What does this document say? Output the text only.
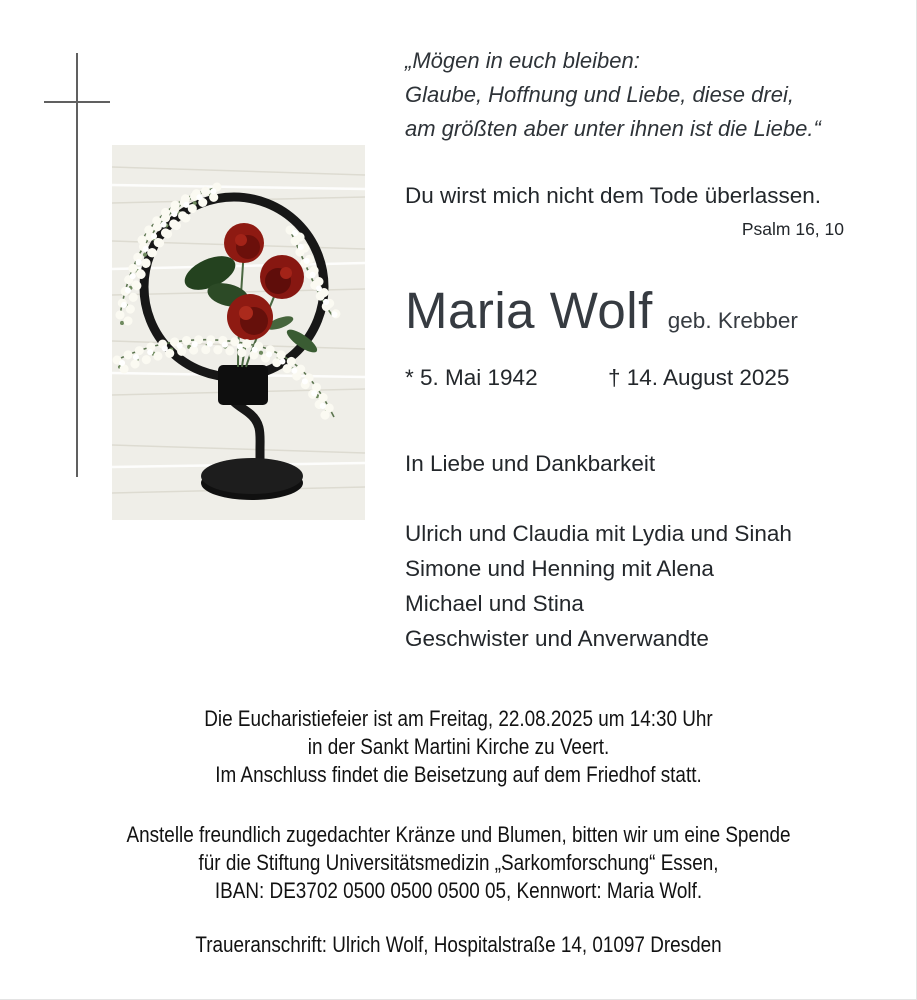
„Mögen in euch bleiben:
Glaube, Hoffnung und Liebe, diese drei,
am größten aber unter ihnen ist die Liebe.“
Du wirst mich nicht dem Tode überlassen.
Psalm 16, 10
Maria Wolf geb. Krebber
* 5. Mai 1942	† 14. August 2025
In Liebe und Dankbarkeit
Ulrich und Claudia mit Lydia und Sinah
Simone und Henning mit Alena
Michael und Stina
Geschwister und Anverwandte
Die Eucharistiefeier ist am Freitag, 22.08.2025 um 14:30 Uhr
in der Sankt Martini Kirche zu Veert.
Im Anschluss findet die Beisetzung auf dem Friedhof statt.
Anstelle freundlich zugedachter Kränze und Blumen, bitten wir um eine Spende
für die Stiftung Universitätsmedizin „Sarkomforschung“ Essen,
IBAN: DE3702 0500 0500 0500 05, Kennwort: Maria Wolf.
Traueranschrift: Ulrich Wolf, Hospitalstraße 14, 01097 Dresden
